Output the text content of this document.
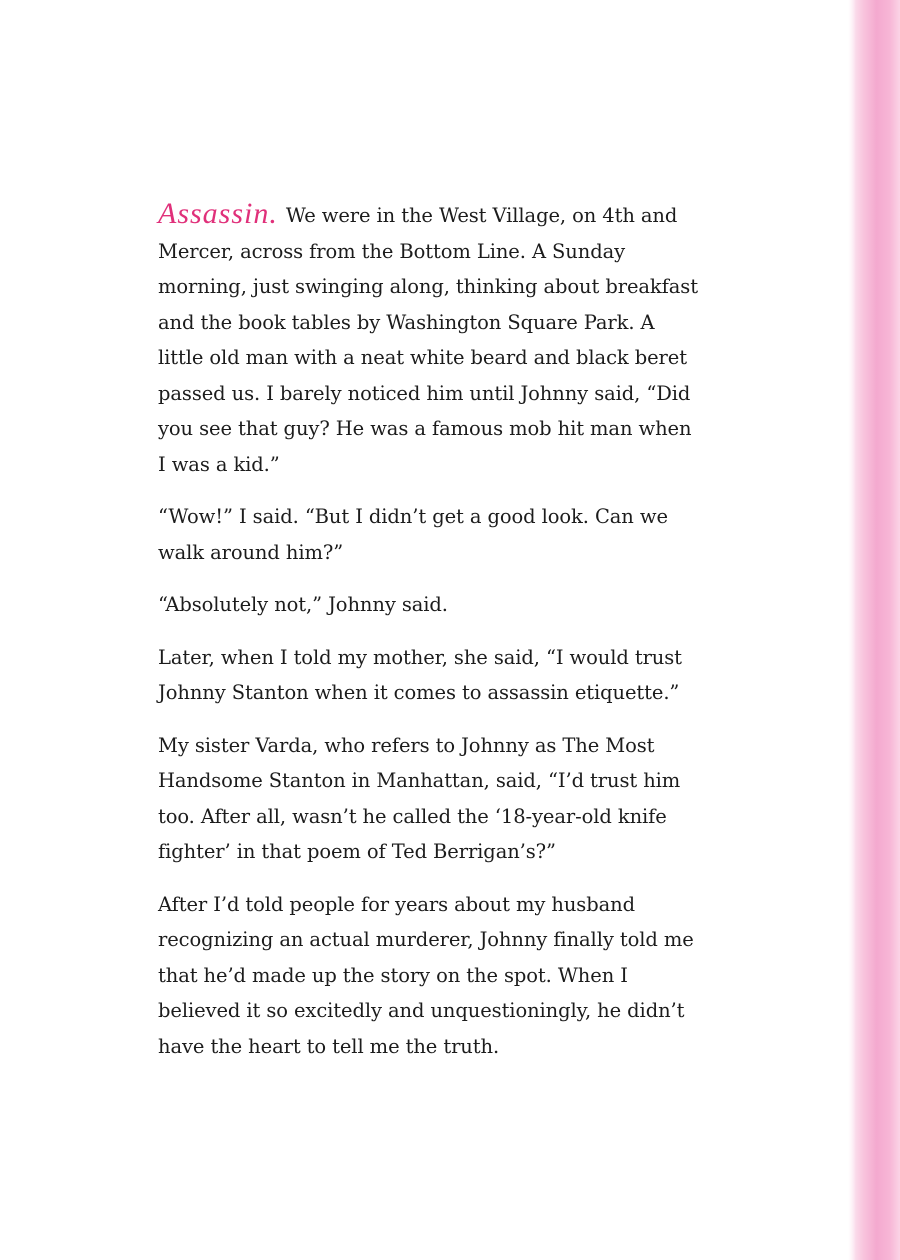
Assassin. We were in the West Village, on 4th and Mercer, across from the Bottom Line. A Sunday morning, just swinging along, thinking about breakfast and the book tables by Washington Square Park. A little old man with a neat white beard and black beret passed us. I barely noticed him until Johnny said, “Did you see that guy? He was a famous mob hit man when I was a kid.”

“Wow!” I said. “But I didn’t get a good look. Can we walk around him?”

“Absolutely not,” Johnny said.

Later, when I told my mother, she said, “I would trust Johnny Stanton when it comes to assassin etiquette.”

My sister Varda, who refers to Johnny as The Most Handsome Stanton in Manhattan, said, “I’d trust him too. After all, wasn’t he called the ‘18-year-old knife fighter’ in that poem of Ted Berrigan’s?”

After I’d told people for years about my husband recognizing an actual murderer, Johnny finally told me that he’d made up the story on the spot. When I believed it so excitedly and unquestioningly, he didn’t have the heart to tell me the truth.
